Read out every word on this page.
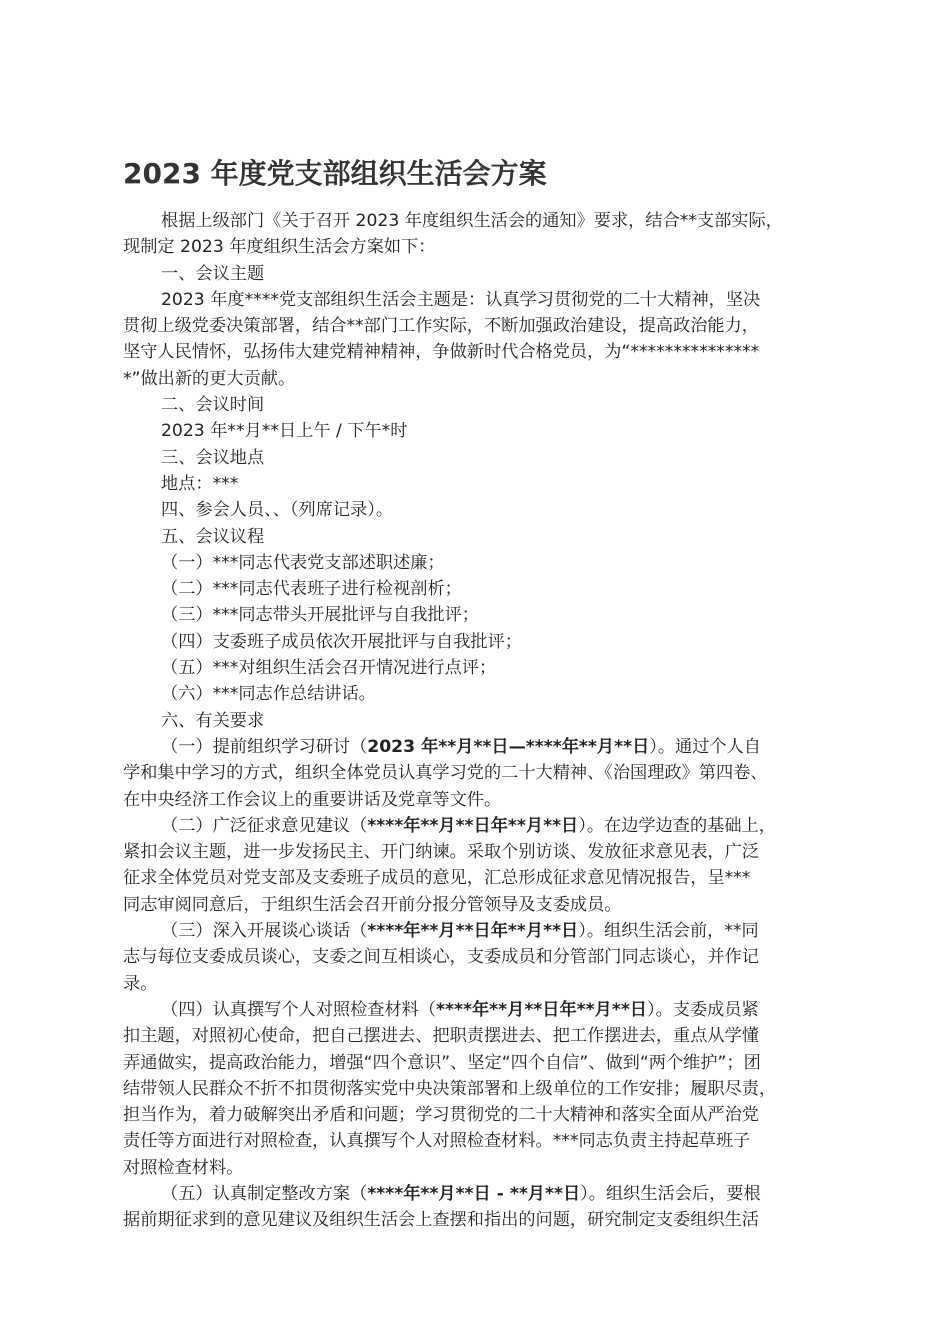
2023 年度党支部组织生活会方案

根据上级部门《关于召开 2023 年度组织生活会的通知》要求，结合**支部实际，
现制定 2023 年度组织生活会方案如下：

一、会议主题

2023 年度****党支部组织生活会主题是：认真学习贯彻党的二十大精神，坚决
贯彻上级党委决策部署，结合**部门工作实际，不断加强政治建设，提高政治能力，
坚守人民情怀，弘扬伟大建党精神精神，争做新时代合格党员，为“***************
*”做出新的更大贡献。

二、会议时间

2023 年**月**日上午 / 下午*时

三、会议地点

地点：***

四、参会人员、、（列席记录）。

五、会议议程

（一）***同志代表党支部述职述廉；

（二）***同志代表班子进行检视剖析；

（三）***同志带头开展批评与自我批评；

（四）支委班子成员依次开展批评与自我批评；

（五）***对组织生活会召开情况进行点评；

（六）***同志作总结讲话。

六、有关要求

（一）提前组织学习研讨（2023 年**月**日—****年**月**日）。通过个人自
学和集中学习的方式，组织全体党员认真学习党的二十大精神、《治国理政》第四卷、
在中央经济工作会议上的重要讲话及党章等文件。

（二）广泛征求意见建议（****年**月**日年**月**日）。在边学边查的基础上，
紧扣会议主题，进一步发扬民主、开门纳谏。采取个别访谈、发放征求意见表，广泛
征求全体党员对党支部及支委班子成员的意见，汇总形成征求意见情况报告，呈***
同志审阅同意后，于组织生活会召开前分报分管领导及支委成员。

（三）深入开展谈心谈话（****年**月**日年**月**日）。组织生活会前，**同
志与每位支委成员谈心，支委之间互相谈心，支委成员和分管部门同志谈心，并作记
录。

（四）认真撰写个人对照检查材料（****年**月**日年**月**日）。支委成员紧
扣主题，对照初心使命，把自己摆进去、把职责摆进去、把工作摆进去，重点从学懂
弄通做实，提高政治能力，增强“四个意识”、坚定“四个自信”、做到“两个维护”；团
结带领人民群众不折不扣贯彻落实党中央决策部署和上级单位的工作安排；履职尽责，
担当作为，着力破解突出矛盾和问题；学习贯彻党的二十大精神和落实全面从严治党
责任等方面进行对照检查，认真撰写个人对照检查材料。***同志负责主持起草班子
对照检查材料。

（五）认真制定整改方案（****年**月**日 - **月**日）。组织生活会后，要根
据前期征求到的意见建议及组织生活会上查摆和指出的问题，研究制定支委组织生活
